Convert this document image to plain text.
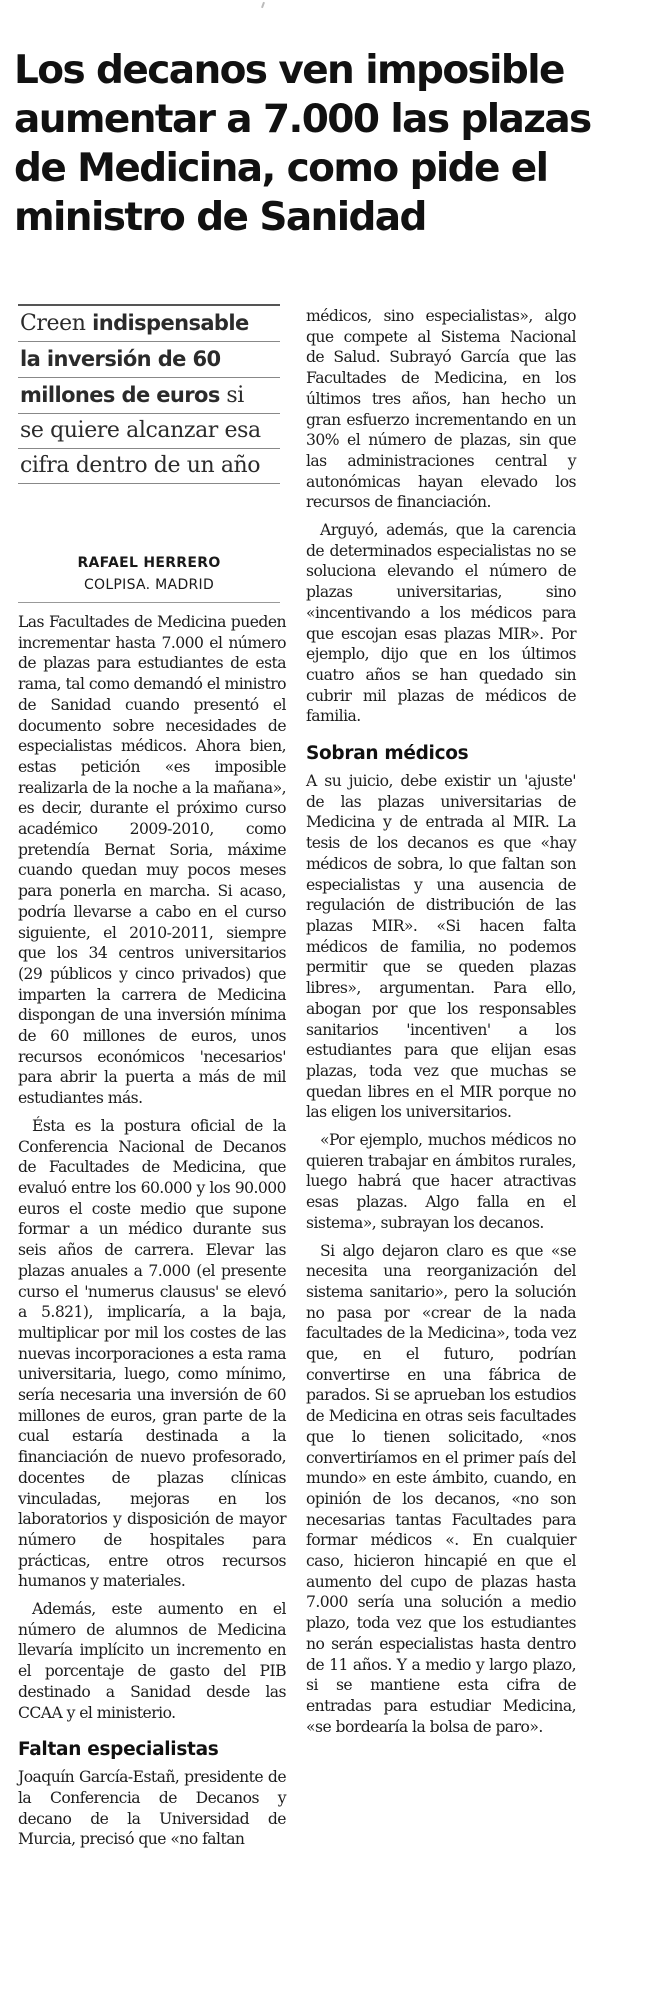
Los decanos ven imposible aumentar a 7.000 las plazas de Medicina, como pide el ministro de Sanidad
Creen indispensable
la inversión de 60
millones de euros si
se quiere alcanzar esa
cifra dentro de un año
RAFAEL HERRERO
COLPISA. MADRID

Las Facultades de Medicina pueden incrementar hasta 7.000 el número de plazas para estudiantes de esta rama, tal como demandó el ministro de Sanidad cuando presentó el documento sobre necesidades de especialistas médicos. Ahora bien, estas petición «es imposible realizarla de la noche a la mañana», es decir, durante el próximo curso académico 2009-2010, como pretendía Bernat Soria, máxime cuando quedan muy pocos meses para ponerla en marcha. Si acaso, podría llevarse a cabo en el curso siguiente, el 2010-2011, siempre que los 34 centros universitarios (29 públicos y cinco privados) que imparten la carrera de Medicina dispongan de una inversión mínima de 60 millones de euros, unos recursos económicos 'necesarios' para abrir la puerta a más de mil estudiantes más.

Ésta es la postura oficial de la Conferencia Nacional de Decanos de Facultades de Medicina, que evaluó entre los 60.000 y los 90.000 euros el coste medio que supone formar a un médico durante sus seis años de carrera. Elevar las plazas anuales a 7.000 (el presente curso el 'numerus clausus' se elevó a 5.821), implicaría, a la baja, multiplicar por mil los costes de las nuevas incorporaciones a esta rama universitaria, luego, como mínimo, sería necesaria una inversión de 60 millones de euros, gran parte de la cual estaría destinada a la financiación de nuevo profesorado, docentes de plazas clínicas vinculadas, mejoras en los laboratorios y disposición de mayor número de hospitales para prácticas, entre otros recursos humanos y materiales.

Además, este aumento en el número de alumnos de Medicina llevaría implícito un incremento en el porcentaje de gasto del PIB destinado a Sanidad desde las CCAA y el ministerio.

Faltan especialistas

Joaquín García-Estañ, presidente de la Conferencia de Decanos y decano de la Universidad de Murcia, precisó que «no faltan

médicos, sino especialistas», algo que compete al Sistema Nacional de Salud. Subrayó García que las Facultades de Medicina, en los últimos tres años, han hecho un gran esfuerzo incrementando en un 30% el número de plazas, sin que las administraciones central y autonómicas hayan elevado los recursos de financiación.

Arguyó, además, que la carencia de determinados especialistas no se soluciona elevando el número de plazas universitarias, sino «incentivando a los médicos para que escojan esas plazas MIR». Por ejemplo, dijo que en los últimos cuatro años se han quedado sin cubrir mil plazas de médicos de familia.

Sobran médicos

A su juicio, debe existir un 'ajuste' de las plazas universitarias de Medicina y de entrada al MIR. La tesis de los decanos es que «hay médicos de sobra, lo que faltan son especialistas y una ausencia de regulación de distribución de las plazas MIR». «Si hacen falta médicos de familia, no podemos permitir que se queden plazas libres», argumentan. Para ello, abogan por que los responsables sanitarios 'incentiven' a los estudiantes para que elijan esas plazas, toda vez que muchas se quedan libres en el MIR porque no las eligen los universitarios.

«Por ejemplo, muchos médicos no quieren trabajar en ámbitos rurales, luego habrá que hacer atractivas esas plazas. Algo falla en el sistema», subrayan los decanos.

Si algo dejaron claro es que «se necesita una reorganización del sistema sanitario», pero la solución no pasa por «crear de la nada facultades de la Medicina», toda vez que, en el futuro, podrían convertirse en una fábrica de parados. Si se aprueban los estudios de Medicina en otras seis facultades que lo tienen solicitado, «nos convertiríamos en el primer país del mundo» en este ámbito, cuando, en opinión de los decanos, «no son necesarias tantas Facultades para formar médicos «. En cualquier caso, hicieron hincapié en que el aumento del cupo de plazas hasta 7.000 sería una solución a medio plazo, toda vez que los estudiantes no serán especialistas hasta dentro de 11 años. Y a medio y largo plazo, si se mantiene esta cifra de entradas para estudiar Medicina, «se bordearía la bolsa de paro».
